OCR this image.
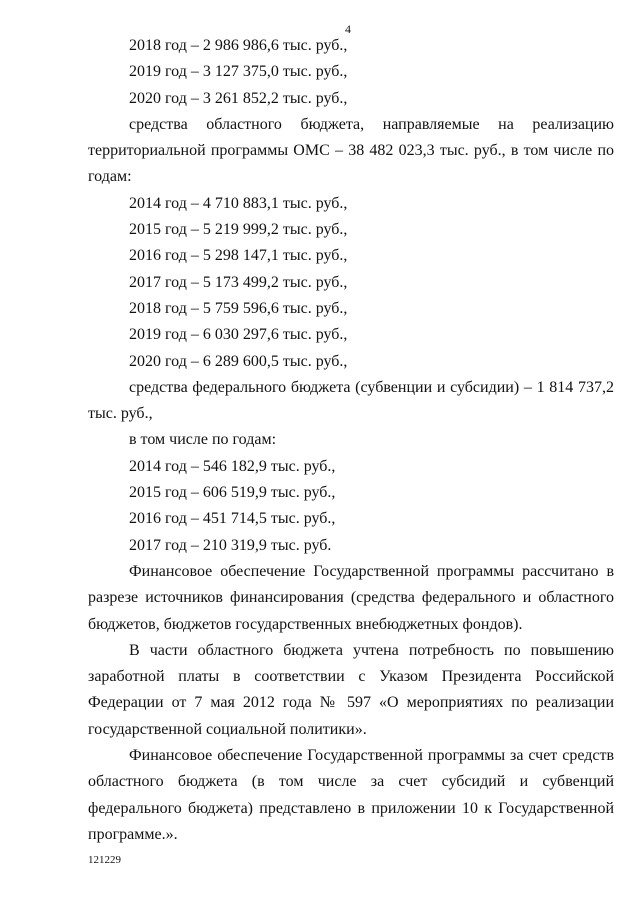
4
2018 год – 2 986 986,6 тыс. руб.,
2019 год – 3 127 375,0 тыс. руб.,
2020 год – 3 261 852,2 тыс. руб.,
средства областного бюджета, направляемые на реализацию территориальной программы ОМС – 38 482 023,3 тыс. руб., в том числе по годам:
2014 год – 4 710 883,1 тыс. руб.,
2015 год – 5 219 999,2 тыс. руб.,
2016 год – 5 298 147,1 тыс. руб.,
2017 год – 5 173 499,2 тыс. руб.,
2018 год – 5 759 596,6 тыс. руб.,
2019 год – 6 030 297,6 тыс. руб.,
2020 год – 6 289 600,5 тыс. руб.,
средства федерального бюджета (субвенции и субсидии) – 1 814 737,2 тыс. руб.,
в том числе по годам:
2014 год – 546 182,9 тыс. руб.,
2015 год – 606 519,9 тыс. руб.,
2016 год – 451 714,5 тыс. руб.,
2017 год – 210 319,9 тыс. руб.
Финансовое обеспечение Государственной программы рассчитано в разрезе источников финансирования (средства федерального и областного бюджетов, бюджетов государственных внебюджетных фондов).
В части областного бюджета учтена потребность по повышению заработной платы в соответствии с Указом Президента Российской Федерации от 7 мая 2012 года № 597 «О мероприятиях по реализации государственной социальной политики».
Финансовое обеспечение Государственной программы за счет средств областного бюджета (в том числе за счет субсидий и субвенций федерального бюджета) представлено в приложении 10 к Государственной программе.».
121229
